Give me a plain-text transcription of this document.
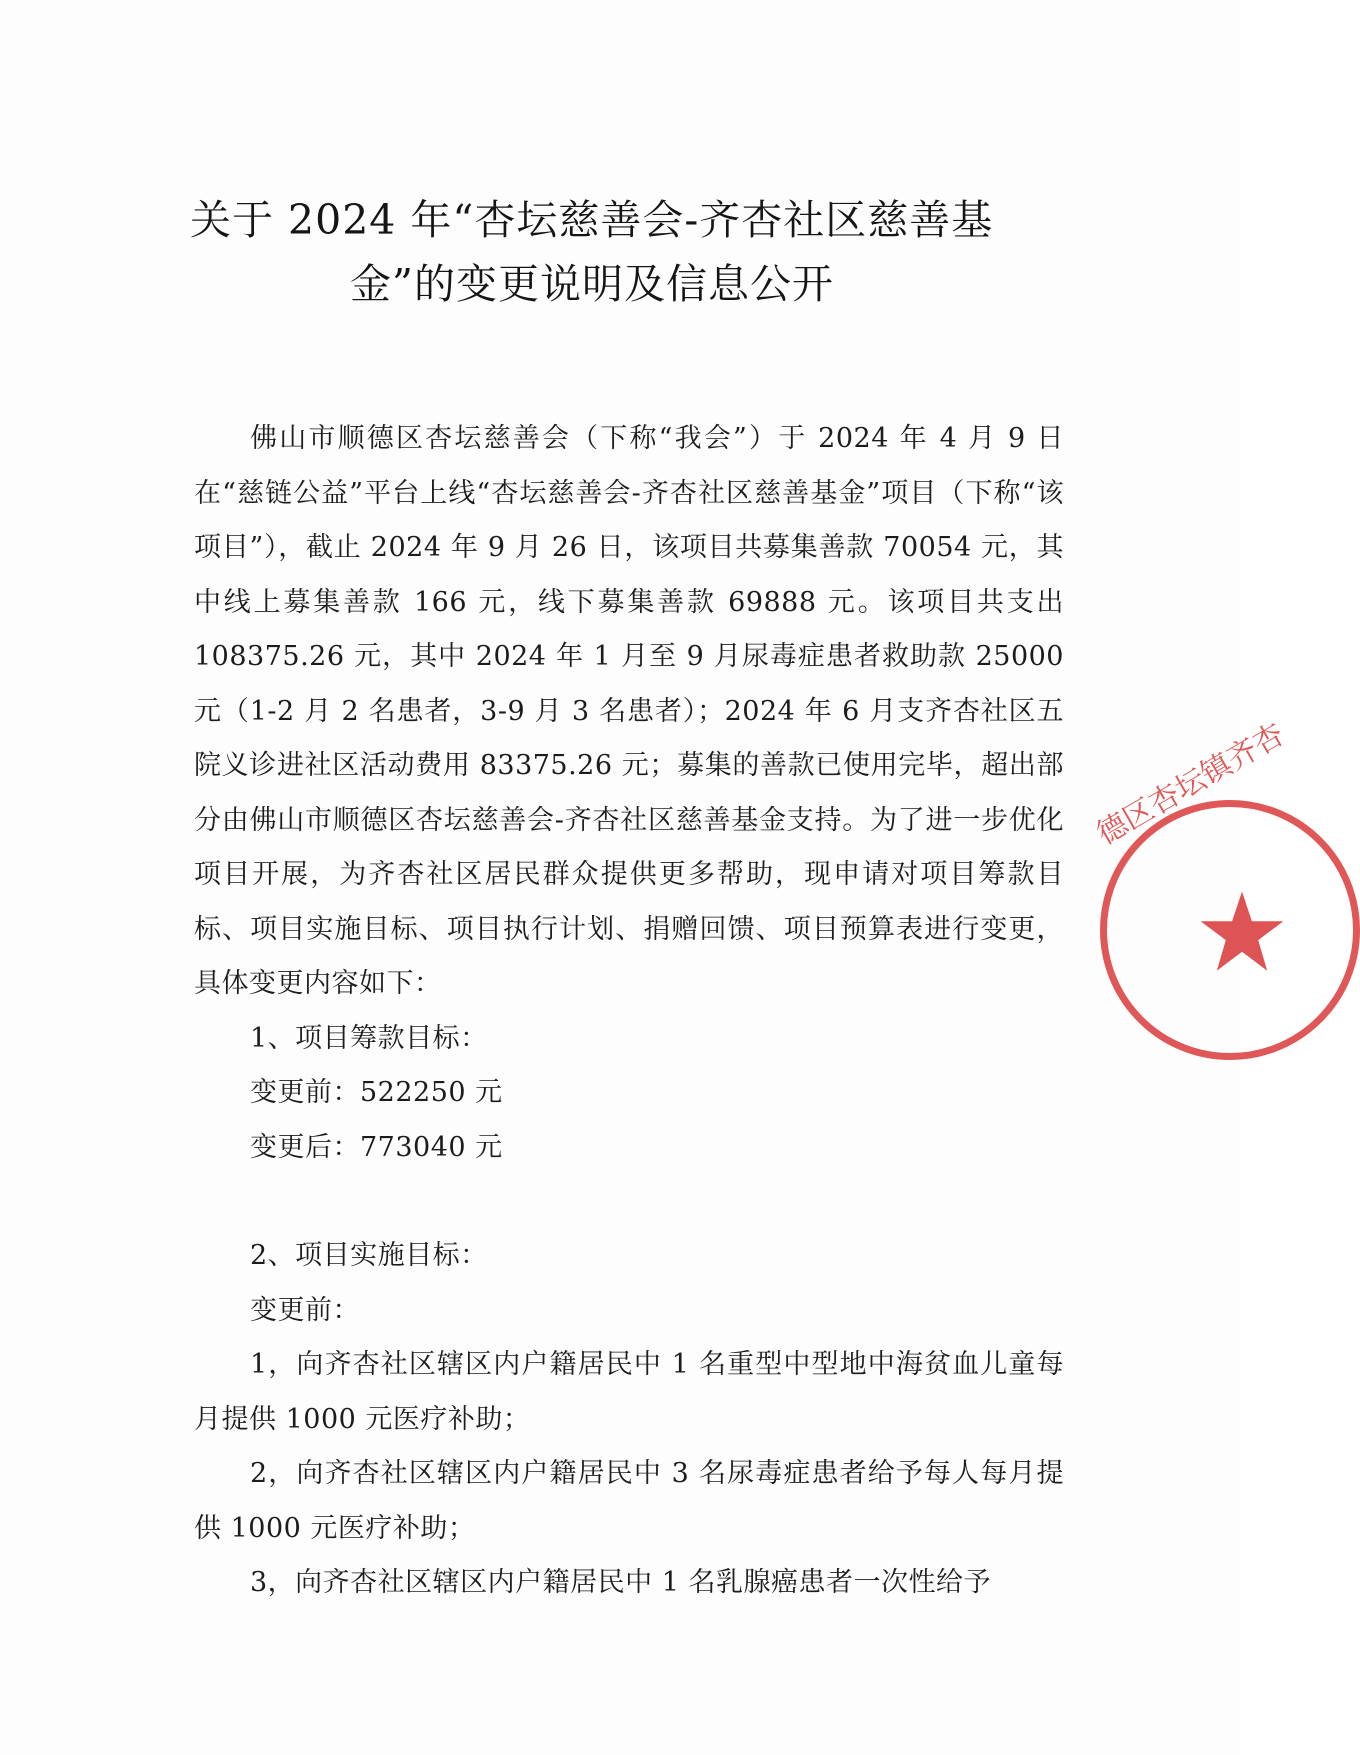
关于 2024 年“杏坛慈善会-齐杏社区慈善基
金”的变更说明及信息公开

佛山市顺德区杏坛慈善会（下称“我会”）于 2024 年 4 月 9 日在“慈链公益”平台上线“杏坛慈善会-齐杏社区慈善基金”项目（下称“该项目”），截止 2024 年 9 月 26 日，该项目共募集善款 70054 元，其中线上募集善款 166 元，线下募集善款 69888 元。该项目共支出 108375.26 元，其中 2024 年 1 月至 9 月尿毒症患者救助款 25000 元（1-2 月 2 名患者，3-9 月 3 名患者）；2024 年 6 月支齐杏社区五院义诊进社区活动费用 83375.26 元；募集的善款已使用完毕，超出部分由佛山市顺德区杏坛慈善会-齐杏社区慈善基金支持。为了进一步优化项目开展，为齐杏社区居民群众提供更多帮助，现申请对项目筹款目标、项目实施目标、项目执行计划、捐赠回馈、项目预算表进行变更，具体变更内容如下：

1、项目筹款目标：

变更前：522250 元

变更后：773040 元

2、项目实施目标：

变更前：

1，向齐杏社区辖区内户籍居民中 1 名重型中型地中海贫血儿童每月提供 1000 元医疗补助；

2，向齐杏社区辖区内户籍居民中 3 名尿毒症患者给予每人每月提供 1000 元医疗补助；

3，向齐杏社区辖区内户籍居民中 1 名乳腺癌患者一次性给予

德区杏坛镇齐杏
